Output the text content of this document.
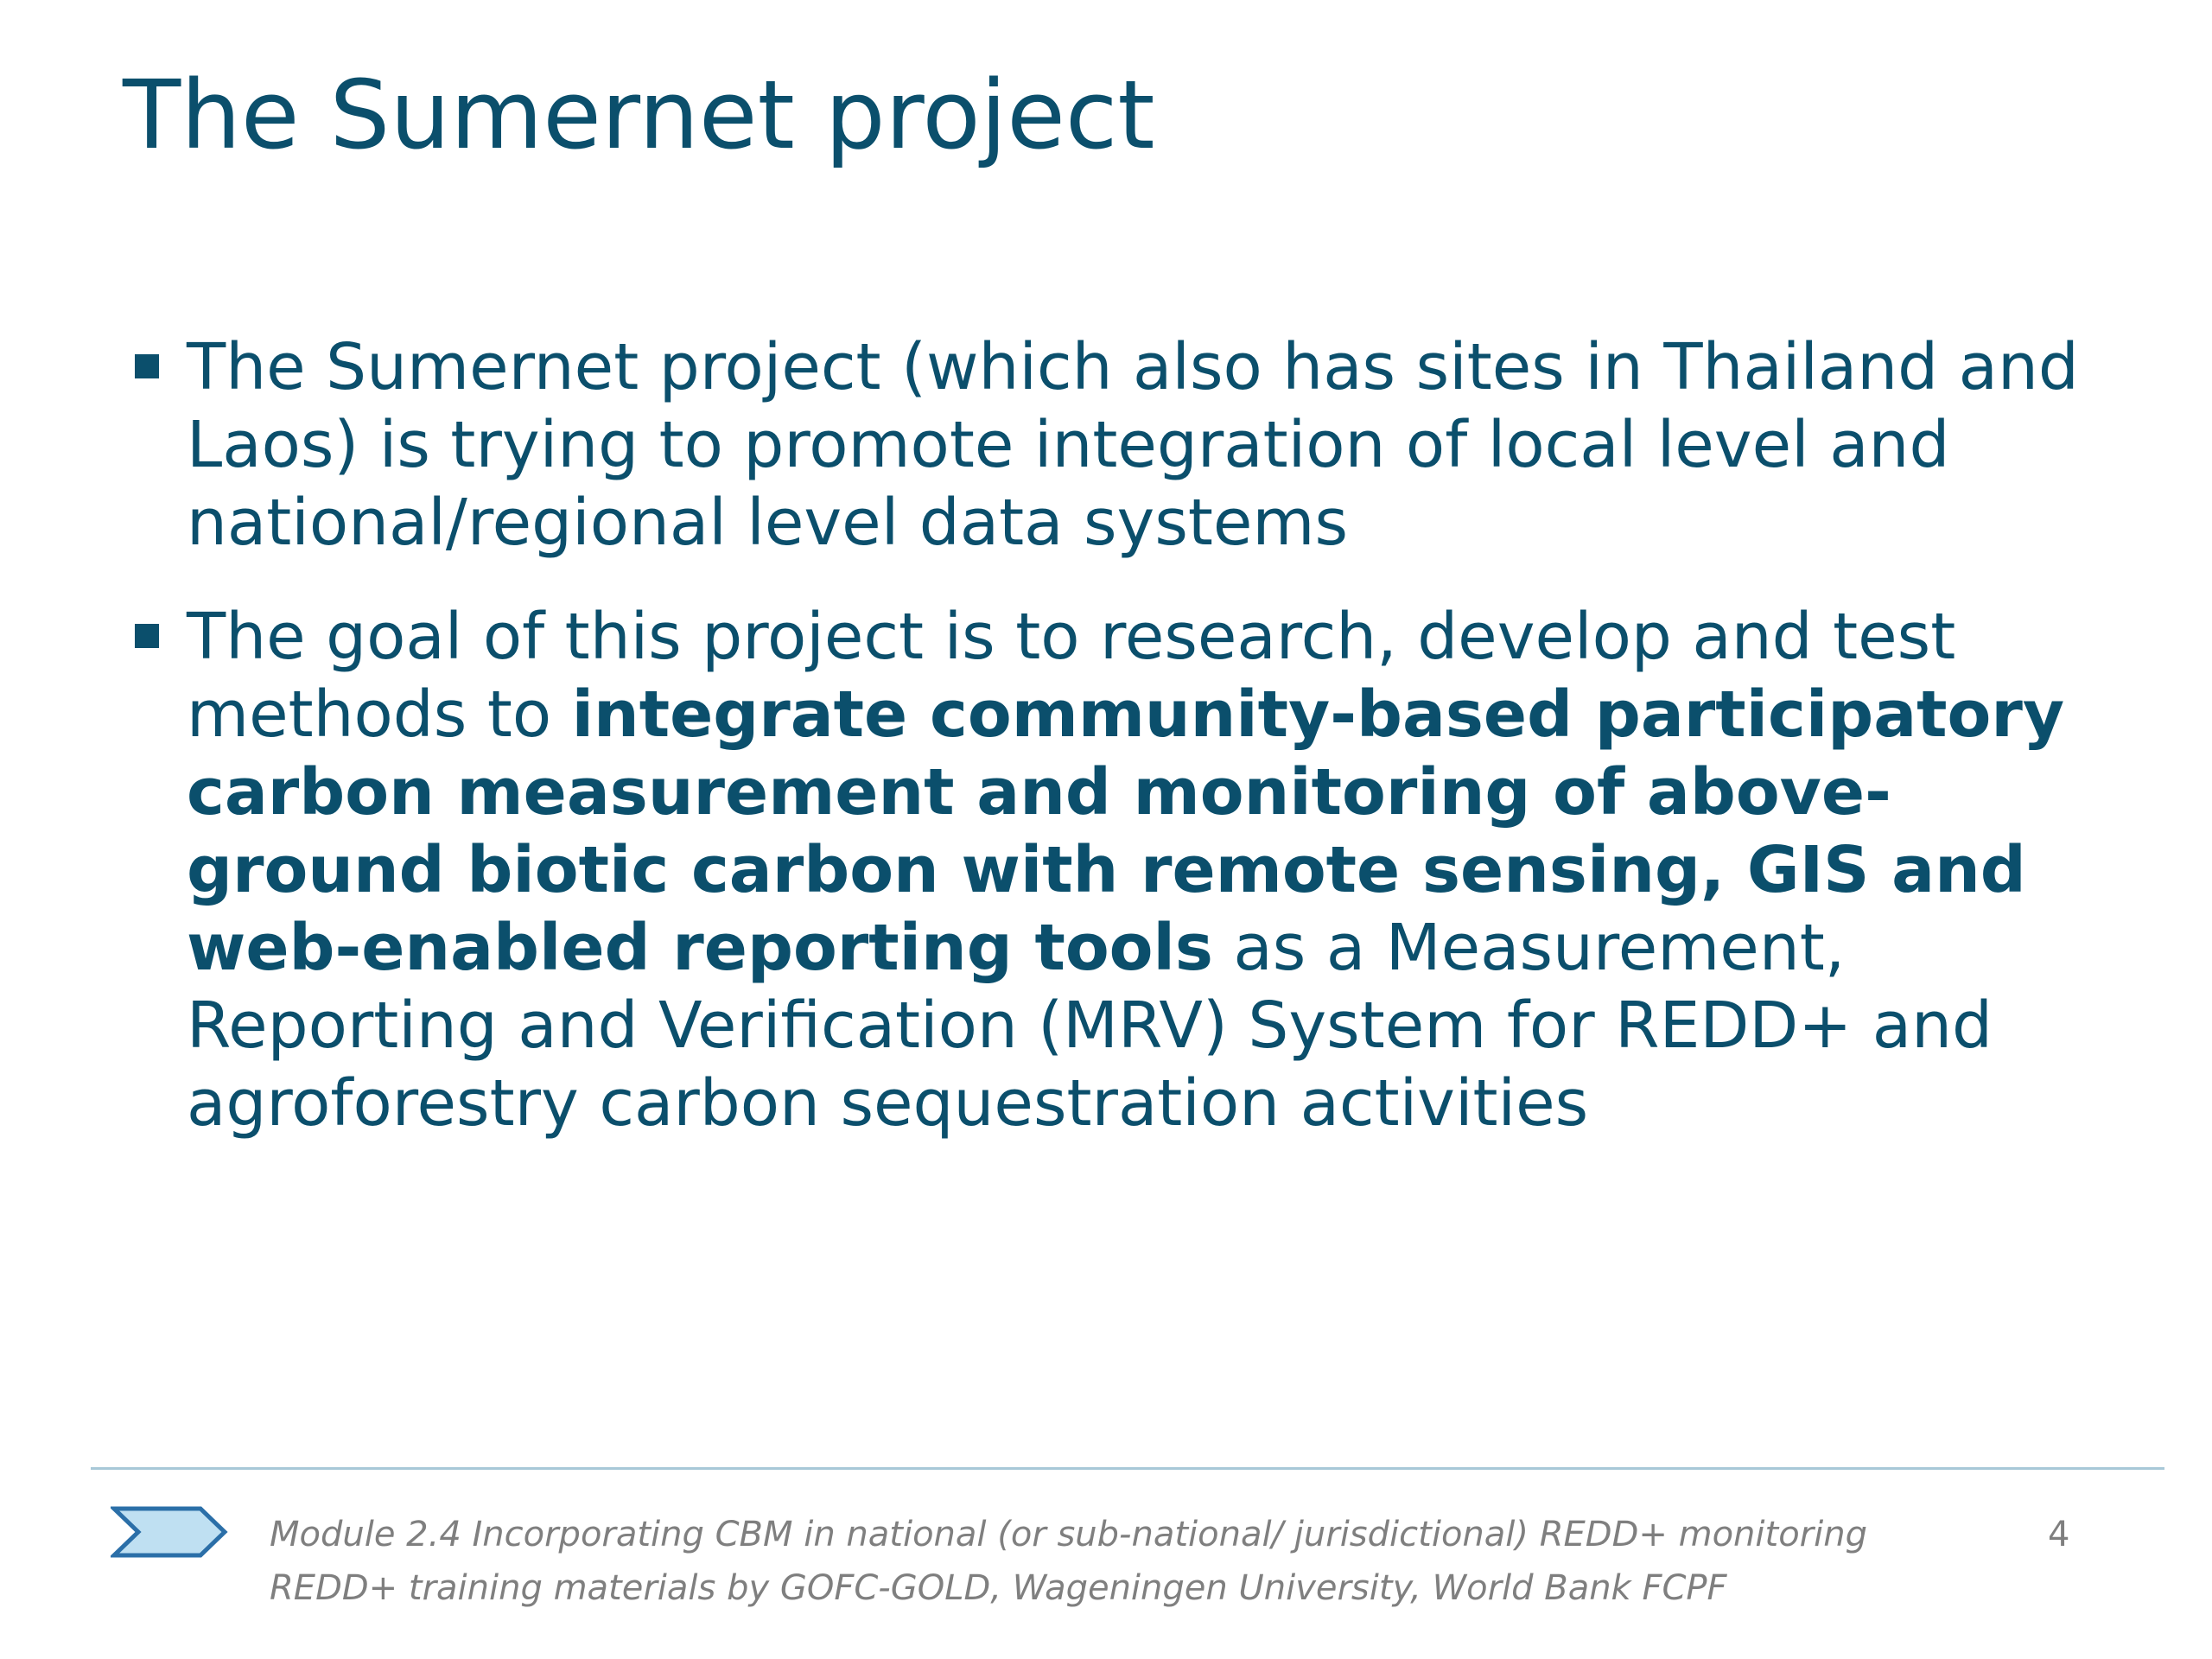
The Sumernet project
The Sumernet project (which also has sites in Thailand and Laos) is trying to promote integration of local level and national/regional level data systems
The goal of this project is to research, develop and test methods to integrate community-based participatory carbon measurement and monitoring of above-ground biotic carbon with remote sensing, GIS and web-enabled reporting tools as a Measurement, Reporting and Verification (MRV) System for REDD+ and agroforestry carbon sequestration activities

Module 2.4 Incorporating CBM in national (or sub-national/ jurisdictional) REDD+ monitoring

REDD+ training materials by GOFC-GOLD, Wageningen University, World Bank FCPF

4
